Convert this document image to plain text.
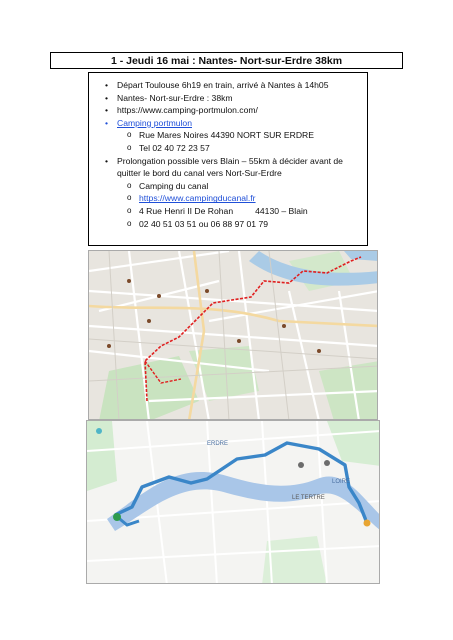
1 - Jeudi 16 mai : Nantes- Nort-sur-Erdre 38km
• Départ Toulouse 6h19 en train, arrivé à Nantes à 14h05
• Nantes- Nort-sur-Erdre : 38km
• https://www.camping-portmulon.com/
• Camping portmulon
o Rue Mares Noires 44390 NORT SUR ERDRE
o Tel 02 40 72 23 57
• Prolongation possible vers Blain – 55km à décider avant de quitter le bord du canal vers Nort-Sur-Erdre
o Camping du canal
o https://www.campingducanal.fr
o 4 Rue Henri II De Rohan	44130 – Blain
o 02 40 51 03 51 ou 06 88 97 01 79
LE TERTRE
LOIRE
ERDRE
